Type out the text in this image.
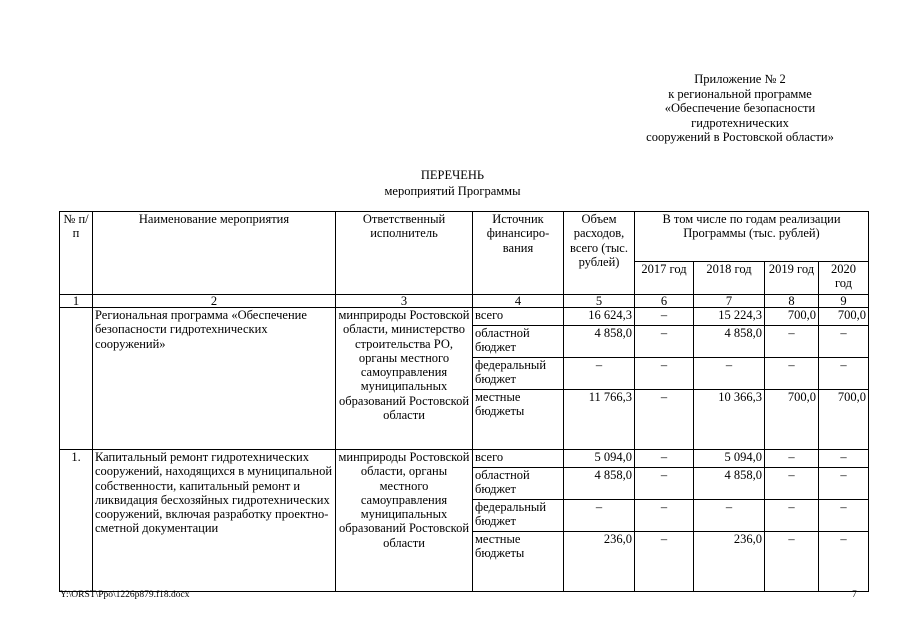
Приложение № 2
к региональной программе
«Обеспечение безопасности
гидротехнических
сооружений в Ростовской области»
ПЕРЕЧЕНЬ
мероприятий Программы
№ п/п	Наименование мероприятия	Ответственный исполнитель	Источник финансиро-вания	Объем расходов, всего (тыс. рублей)	В том числе по годам реализации Программы (тыс. рублей)			
					2017 год	2018 год	2019 год	2020 год
1	2	3	4	5	6	7	8	9
	Региональная программа «Обеспечение безопасности гидротехнических сооружений»	минприроды Ростовской области, министерство строительства РО, органы местного самоуправления муниципальных образований Ростовской области	всего	16 624,3	–	15 224,3	700,0	700,0
			областной бюджет	4 858,0	–	4 858,0	–	–
			федеральный бюджет	–	–	–	–	–
			местные бюджеты	11 766,3	–	10 366,3	700,0	700,0
1.	Капитальный ремонт гидротехнических сооружений, находящихся в муниципальной собственности, капитальный ремонт и ликвидация бесхозяйных гидротехнических сооружений, включая разработку проектно-сметной документации	минприроды Ростовской области, органы местного самоуправления муниципальных образований Ростовской области	всего	5 094,0	–	5 094,0	–	–
			областной бюджет	4 858,0	–	4 858,0	–	–
			федеральный бюджет	–	–	–	–	–
			местные бюджеты	236,0	–	236,0	–	–
Y:\ORST\Ppo\1226p879.f18.docx	7
